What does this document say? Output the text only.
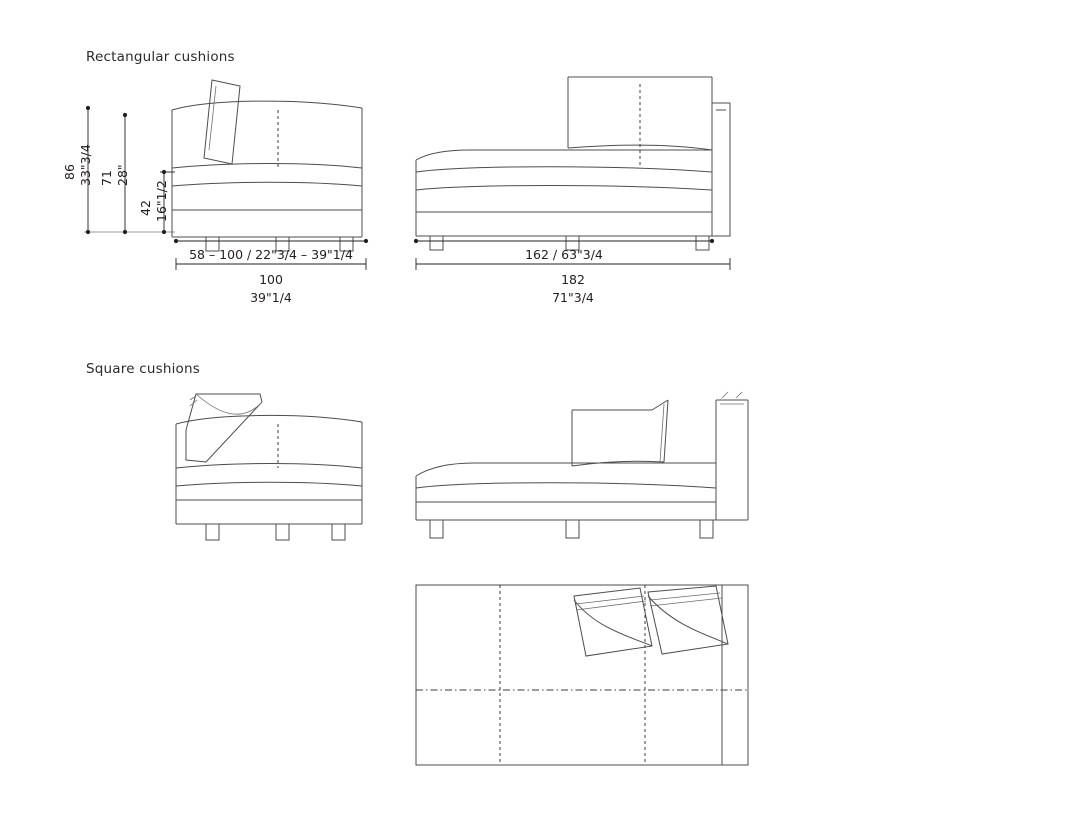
Rectangular cushions
Square cushions
86 33"3/4 71 28"
42 16"1/2
58 – 100 / 22"3/4 – 39"1/4
100
39"1/4
162 / 63"3/4
182
71"3/4
